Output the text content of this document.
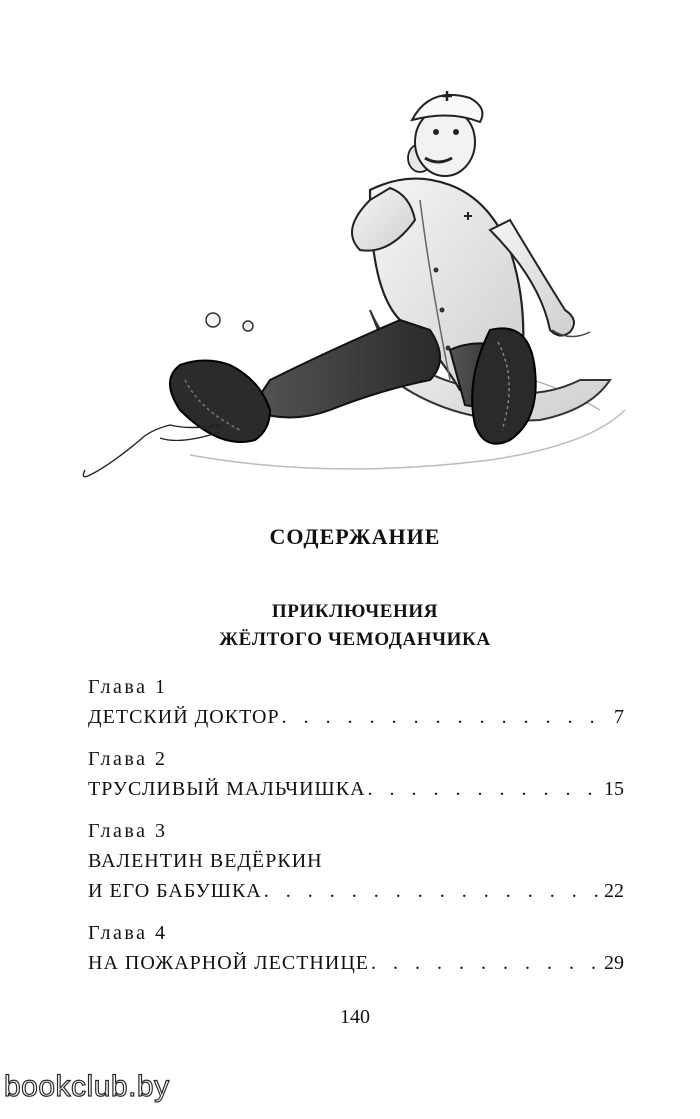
СОДЕРЖАНИЕ
ПРИКЛЮЧЕНИЯ
ЖЁЛТОГО ЧЕМОДАНЧИКА
Глава 1
ДЕТСКИЙ ДОКТОР . . .	7
Глава 2
ТРУСЛИВЫЙ МАЛЬЧИШКА . . .	15
Глава 3
ВАЛЕНТИН ВЕДЁРКИН
И ЕГО БАБУШКА . . .	22
Глава 4
НА ПОЖАРНОЙ ЛЕСТНИЦЕ . . .	29
140
bookclub.by
